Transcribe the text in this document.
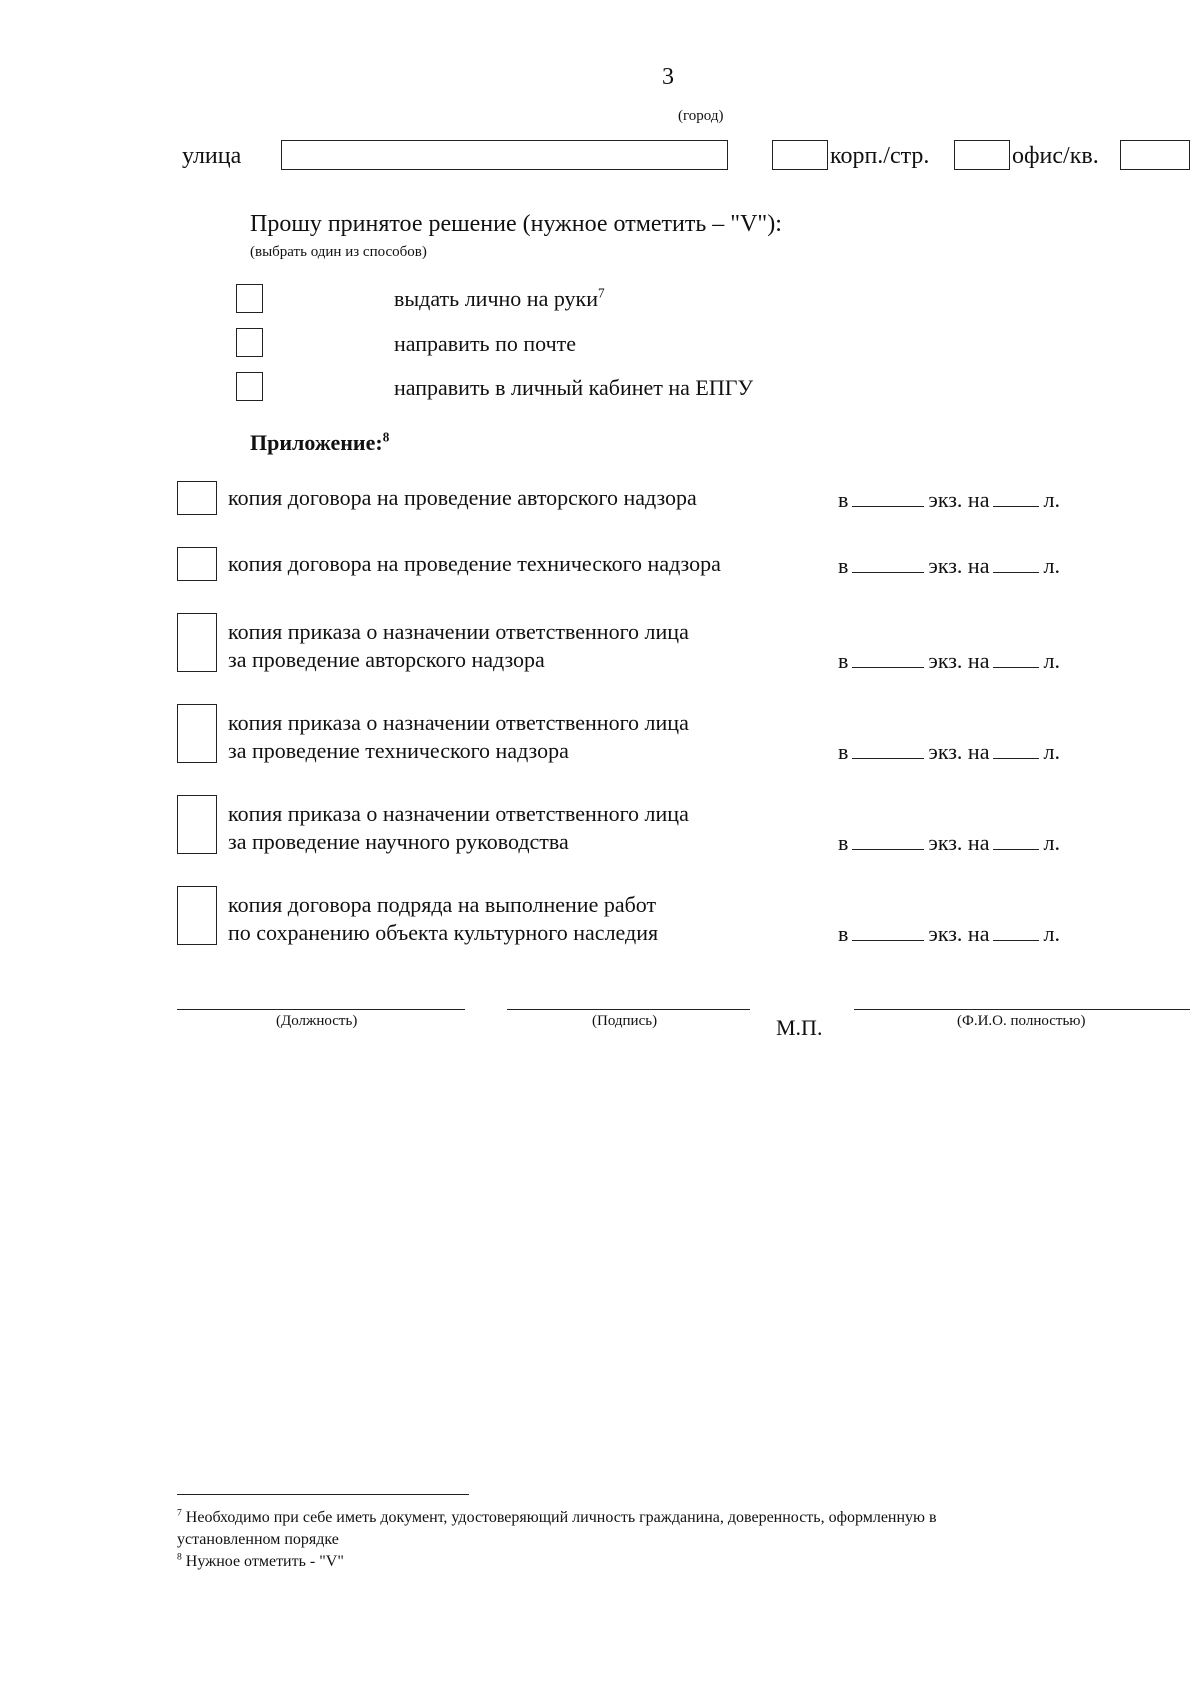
3
(город)
улица	корп./стр.	офис/кв.
Прошу принятое решение (нужное отметить – "V"):
(выбрать один из способов)
выдать лично на руки$^7$
направить по почте
направить в личный кабинет на ЕПГУ
Приложение:$^8$
копия договора на проведение авторского надзора	в	экз. на л.
копия договора на проведение технического надзора	в	экз. на л.
копия приказа о назначении ответственного лица
за проведение авторского надзора	в	экз. на л.
копия приказа о назначении ответственного лица
за проведение технического надзора	в	экз. на л.
копия приказа о назначении ответственного лица
за проведение научного руководства	в	экз. на л.
копия договора подряда на выполнение работ
по сохранению объекта культурного наследия	в	экз. на л.
(Должность)	(Подпись)	М.П.	(Ф.И.О. полностью)
$^7$ Необходимо при себе иметь документ, удостоверяющий личность гражданина, доверенность, оформленную в
установленном порядке
$^8$ Нужное отметить - "V"
